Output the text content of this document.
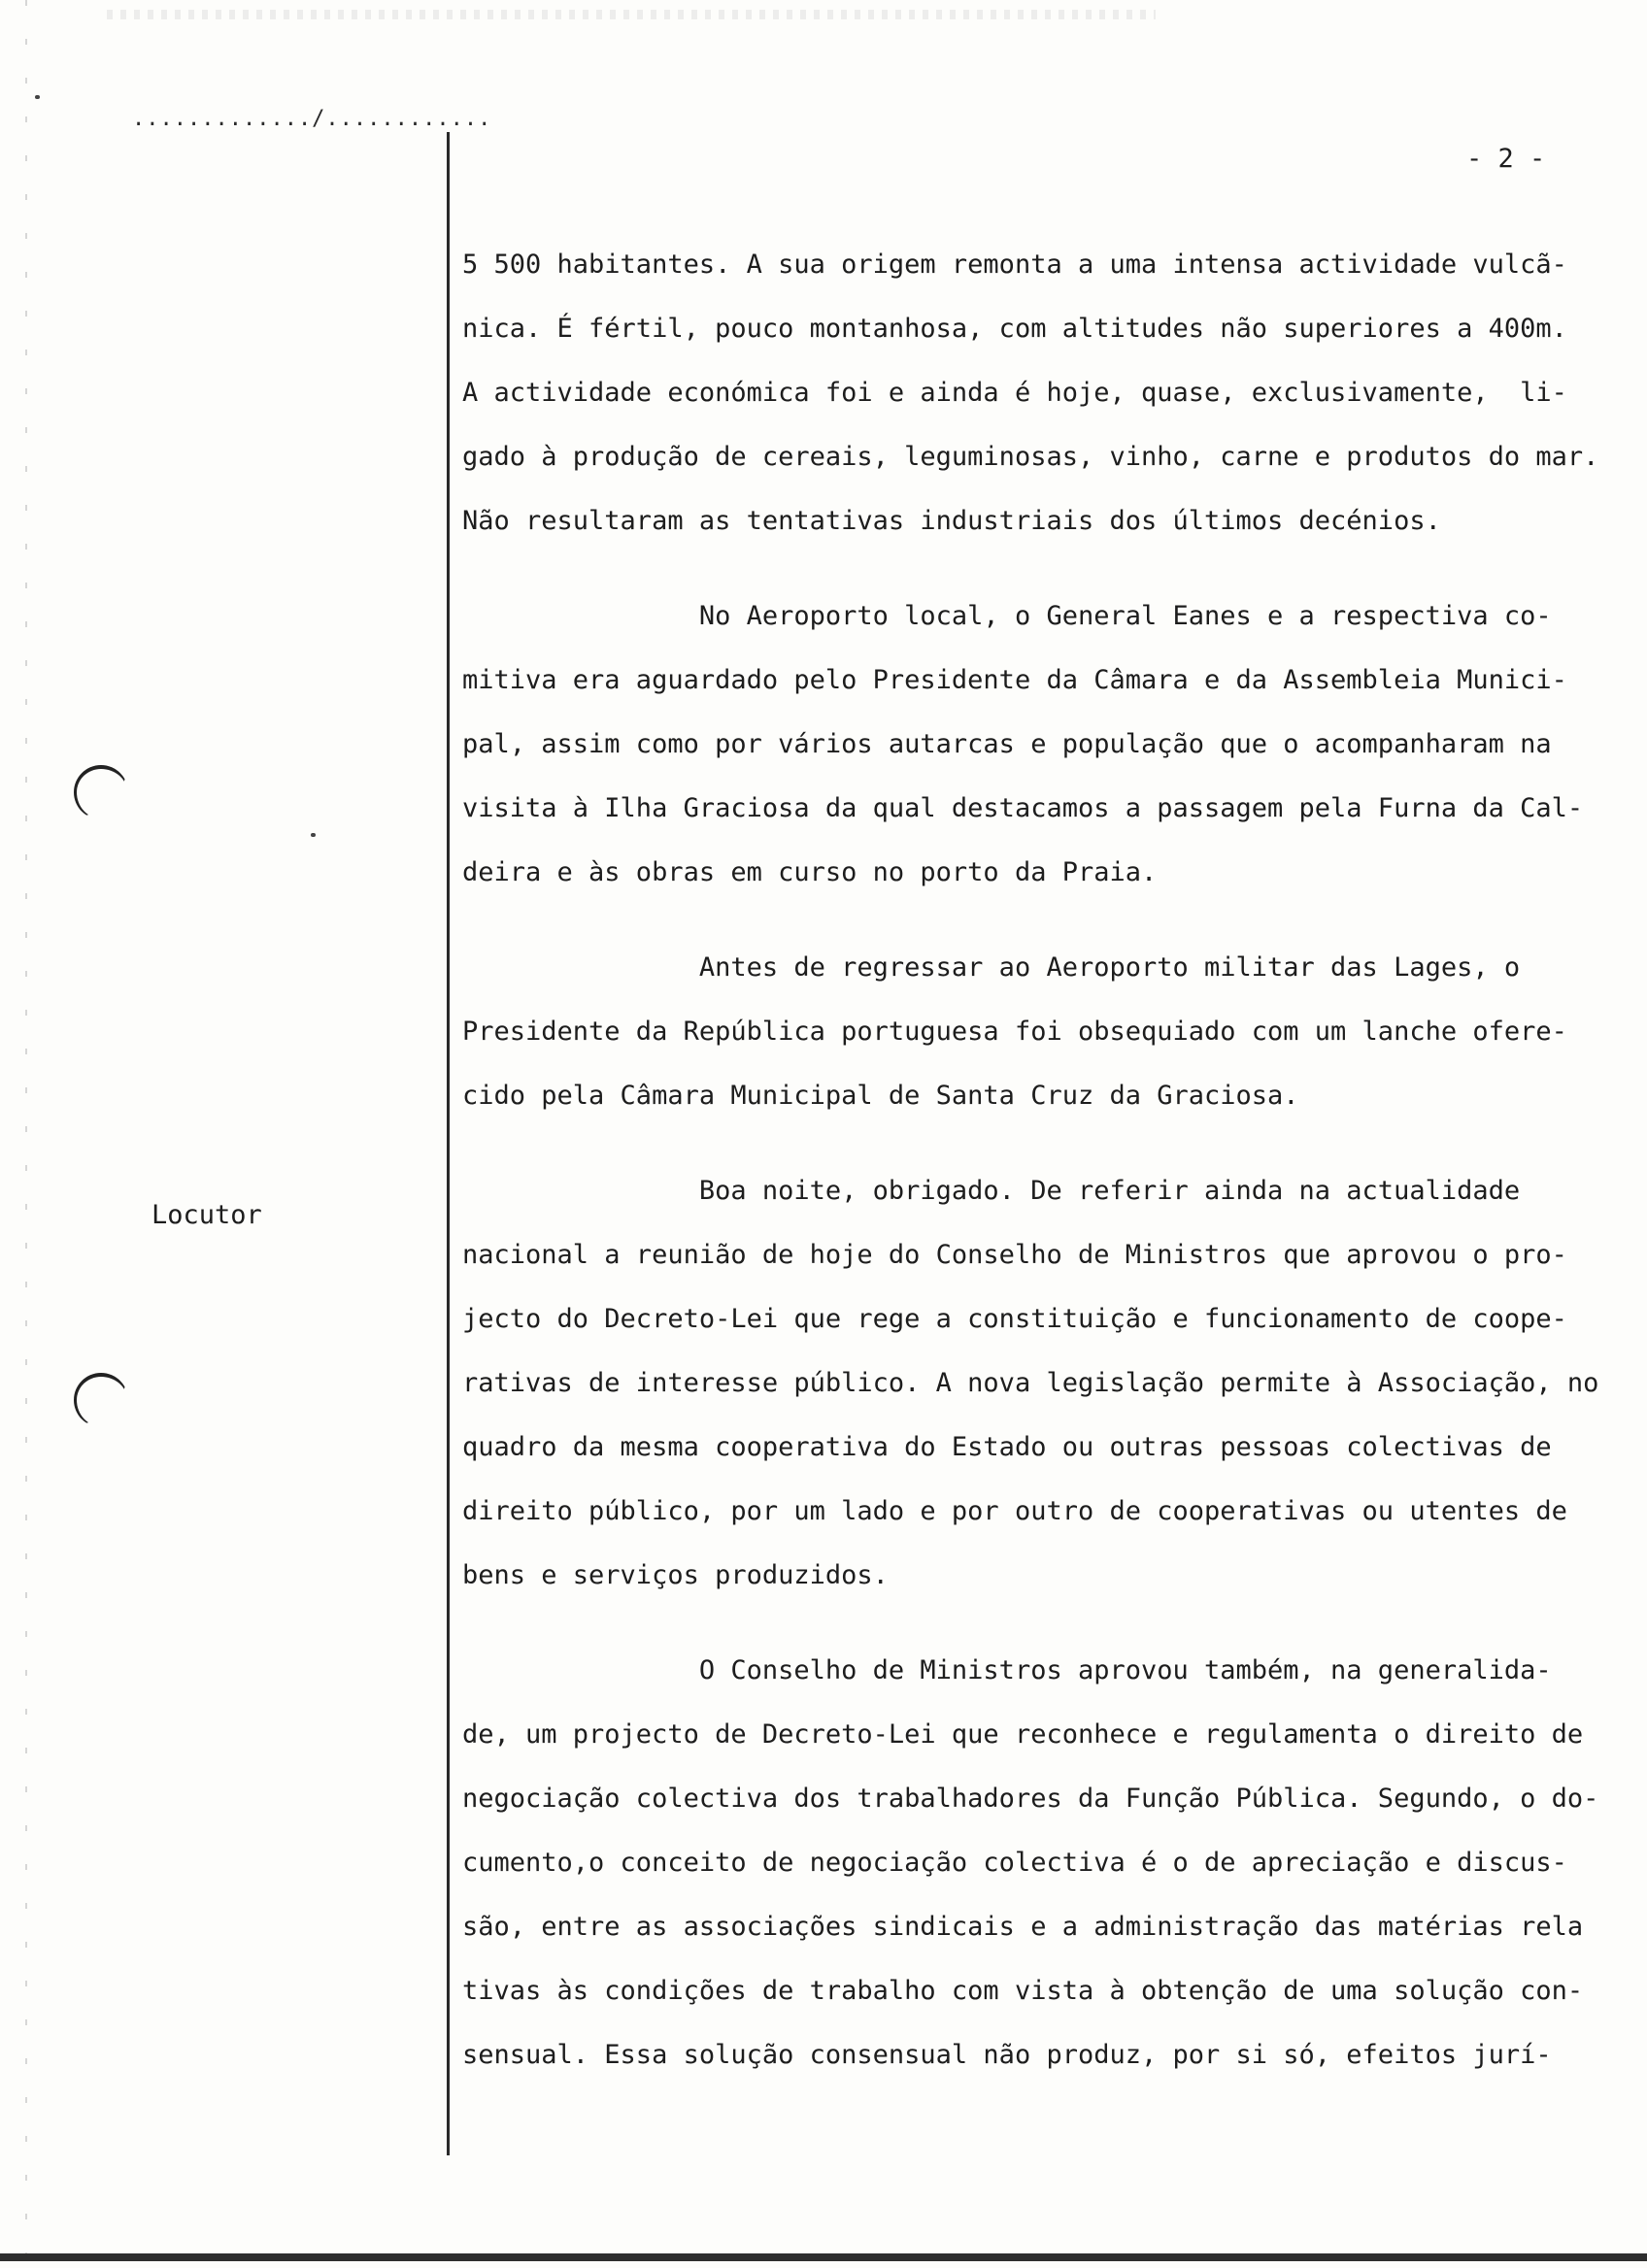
............./............
- 2 -
Locutor
5 500 habitantes. A sua origem remonta a uma intensa actividade vulcã-
nica. É fértil, pouco montanhosa, com altitudes não superiores a 400m.
A actividade económica foi e ainda é hoje, quase, exclusivamente,  li-
gado à produção de cereais, leguminosas, vinho, carne e produtos do mar.
Não resultaram as tentativas industriais dos últimos decénios.
No Aeroporto local, o General Eanes e a respectiva co-
mitiva era aguardado pelo Presidente da Câmara e da Assembleia Munici-
pal, assim como por vários autarcas e população que o acompanharam na
visita à Ilha Graciosa da qual destacamos a passagem pela Furna da Cal-
deira e às obras em curso no porto da Praia.
Antes de regressar ao Aeroporto militar das Lages, o
Presidente da República portuguesa foi obsequiado com um lanche ofere-
cido pela Câmara Municipal de Santa Cruz da Graciosa.
Boa noite, obrigado. De referir ainda na actualidade
nacional a reunião de hoje do Conselho de Ministros que aprovou o pro-
jecto do Decreto-Lei que rege a constituição e funcionamento de coope-
rativas de interesse público. A nova legislação permite à Associação, no
quadro da mesma cooperativa do Estado ou outras pessoas colectivas de
direito público, por um lado e por outro de cooperativas ou utentes de
bens e serviços produzidos.
O Conselho de Ministros aprovou também, na generalida-
de, um projecto de Decreto-Lei que reconhece e regulamenta o direito de
negociação colectiva dos trabalhadores da Função Pública. Segundo, o do-
cumento,o conceito de negociação colectiva é o de apreciação e discus-
são, entre as associações sindicais e a administração das matérias rela
tivas às condições de trabalho com vista à obtenção de uma solução con-
sensual. Essa solução consensual não produz, por si só, efeitos jurí-
